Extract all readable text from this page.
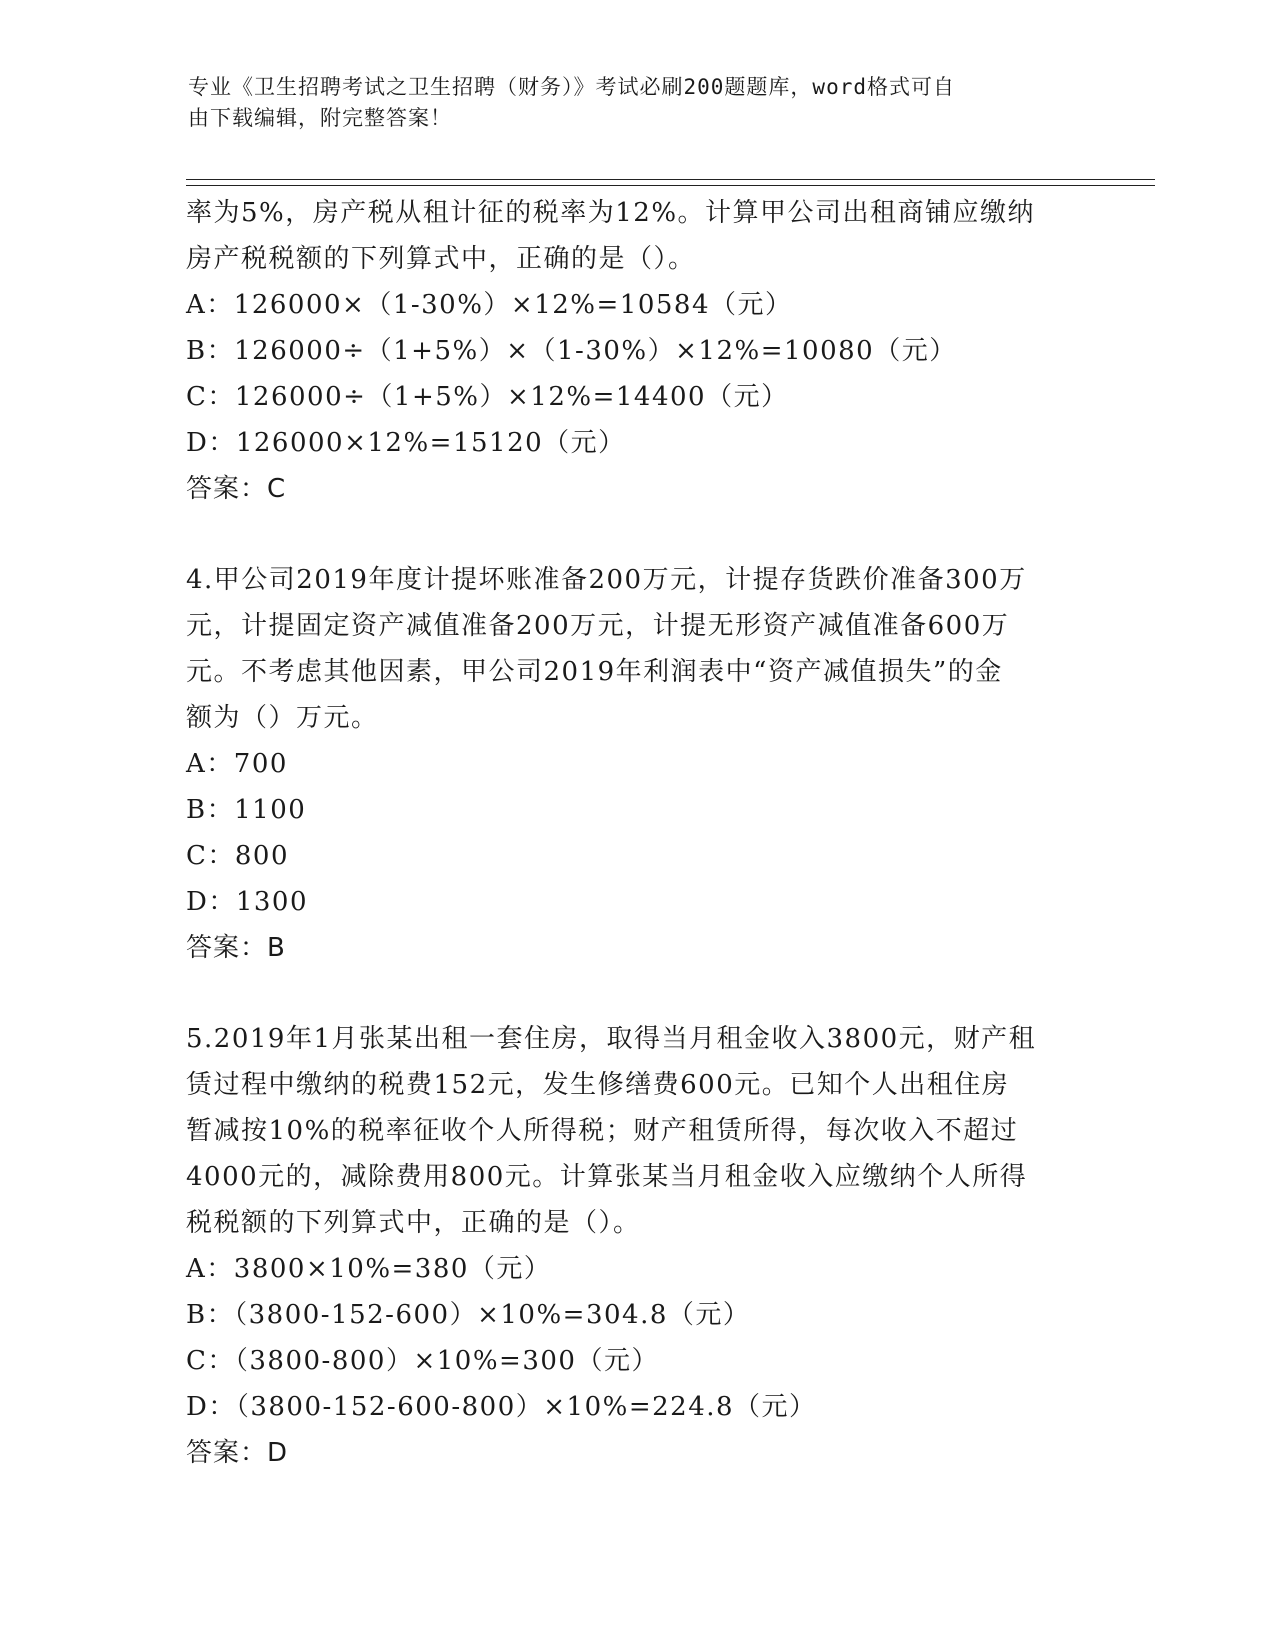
专业《卫生招聘考试之卫生招聘（财务）》考试必刷200题题库，word格式可自
由下载编辑，附完整答案！
率为5%，房产税从租计征的税率为12%。计算甲公司出租商铺应缴纳
房产税税额的下列算式中，正确的是（）。
A：126000×（1-30%）×12%=10584（元）
B：126000÷（1+5%）×（1-30%）×12%=10080（元）
C：126000÷（1+5%）×12%=14400（元）
D：126000×12%=15120（元）
答案：C
4.甲公司2019年度计提坏账准备200万元，计提存货跌价准备300万
元，计提固定资产减值准备200万元，计提无形资产减值准备600万
元。不考虑其他因素，甲公司2019年利润表中“资产减值损失”的金
额为（）万元。
A：700
B：1100
C：800
D：1300
答案：B
5.2019年1月张某出租一套住房，取得当月租金收入3800元，财产租
赁过程中缴纳的税费152元，发生修缮费600元。已知个人出租住房
暂减按10%的税率征收个人所得税；财产租赁所得，每次收入不超过
4000元的，减除费用800元。计算张某当月租金收入应缴纳个人所得
税税额的下列算式中，正确的是（）。
A：3800×10%=380（元）
B：（3800-152-600）×10%=304.8（元）
C：（3800-800）×10%=300（元）
D：（3800-152-600-800）×10%=224.8（元）
答案：D
